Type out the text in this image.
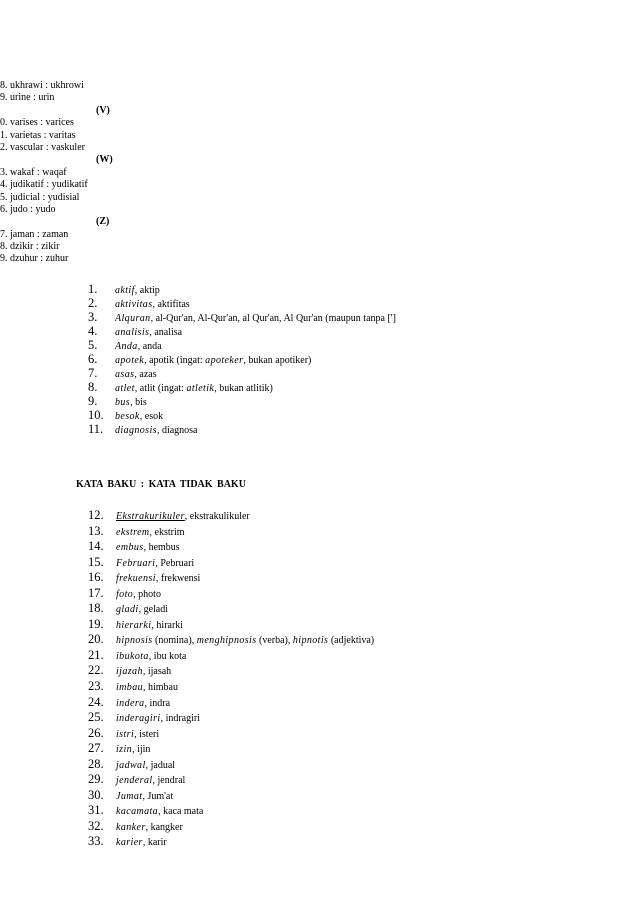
8. ukhrawi : ukhrowi
9. urine : urin
(V)
0. varises : varices
1. varietas : varitas
2. vascular : vaskuler
(W)
3. wakaf : waqaf
4. judikatif : yudikatif
5. judicial : yudisial
6. judo : yudo
(Z)
7. jaman : zaman
8. dzikir : zikir
9. dzuhur : zuhur
1. aktif, aktip
2. aktivitas, aktifitas
3. Alquran, al-Qur'an, Al-Qur'an, al Qur'an, Al Qur'an (maupun tanpa [']
4. analisis, analisa
5. Anda, anda
6. apotek, apotik (ingat: apoteker, bukan apotiker)
7. asas, azas
8. atlet, atlit (ingat: atletik, bukan atlitik)
9. bus, bis
10. besok, esok
11. diagnosis, diagnosa
KATA BAKU : KATA TIDAK BAKU
12. Ekstrakurikuler, ekstrakulikuler
13. ekstrem, ekstrim
14. embus, hembus
15. Februari, Pebruari
16. frekuensi, frekwensi
17. foto, photo
18. gladi, geladi
19. hierarki, hirarki
20. hipnosis (nomina), menghipnosis (verba), hipnotis (adjektiva)
21. ibukota, ibu kota
22. ijazah, ijasah
23. imbau, himbau
24. indera, indra
25. inderagiri, indragiri
26. istri, isteri
27. izin, ijin
28. jadwal, jadual
29. jenderal, jendral
30. Jumat, Jum'at
31. kacamata, kaca mata
32. kanker, kangker
33. karier, karir
